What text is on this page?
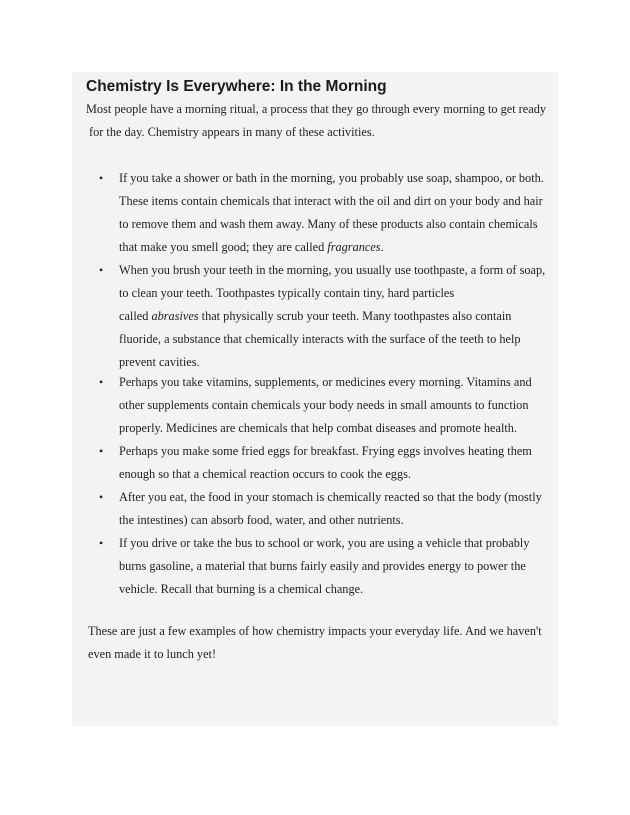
Chemistry Is Everywhere: In the Morning

Most people have a morning ritual, a process that they go through every morning to get ready
for the day. Chemistry appears in many of these activities.

• If you take a shower or bath in the morning, you probably use soap, shampoo, or both.
These items contain chemicals that interact with the oil and dirt on your body and hair
to remove them and wash them away. Many of these products also contain chemicals
that make you smell good; they are called fragrances.
• When you brush your teeth in the morning, you usually use toothpaste, a form of soap,
to clean your teeth. Toothpastes typically contain tiny, hard particles
called abrasives that physically scrub your teeth. Many toothpastes also contain
fluoride, a substance that chemically interacts with the surface of the teeth to help
prevent cavities.
• Perhaps you take vitamins, supplements, or medicines every morning. Vitamins and
other supplements contain chemicals your body needs in small amounts to function
properly. Medicines are chemicals that help combat diseases and promote health.
• Perhaps you make some fried eggs for breakfast. Frying eggs involves heating them
enough so that a chemical reaction occurs to cook the eggs.
• After you eat, the food in your stomach is chemically reacted so that the body (mostly
the intestines) can absorb food, water, and other nutrients.
• If you drive or take the bus to school or work, you are using a vehicle that probably
burns gasoline, a material that burns fairly easily and provides energy to power the
vehicle. Recall that burning is a chemical change.

These are just a few examples of how chemistry impacts your everyday life. And we haven't
even made it to lunch yet!
